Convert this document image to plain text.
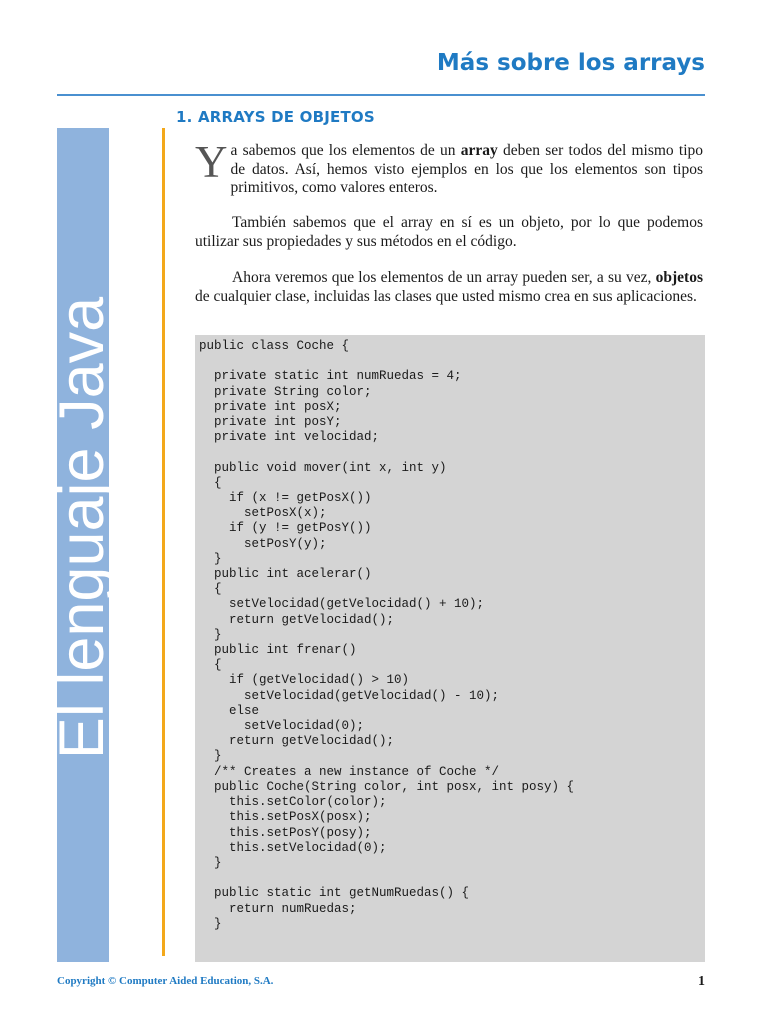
Más sobre los arrays
El lenguaje Java
1. ARRAYS DE OBJETOS

Ya sabemos que los elementos de un array deben ser todos del mismo tipo de datos. Así, hemos visto ejemplos en los que los elementos son tipos primitivos, como valores enteros.

También sabemos que el array en sí es un objeto, por lo que podemos utilizar sus propiedades y sus métodos en el código.

Ahora veremos que los elementos de un array pueden ser, a su vez, objetos de cualquier clase, incluidas las clases que usted mismo crea en sus aplicaciones.

public class Coche {

private static int numRuedas = 4;
private String color;
private int posX;
private int posY;
private int velocidad;

public void mover(int x, int y)
{
if (x != getPosX())
setPosX(x);
if (y != getPosY())
setPosY(y);
}
public int acelerar()
{
setVelocidad(getVelocidad() + 10);
return getVelocidad();
}
public int frenar()
{
if (getVelocidad() > 10)
setVelocidad(getVelocidad() - 10);
else
setVelocidad(0);
return getVelocidad();
}
/** Creates a new instance of Coche */
public Coche(String color, int posx, int posy) {
this.setColor(color);
this.setPosX(posx);
this.setPosY(posy);
this.setVelocidad(0);
}

public static int getNumRuedas() {
return numRuedas;
}
Copyright © Computer Aided Education, S.A.	1
